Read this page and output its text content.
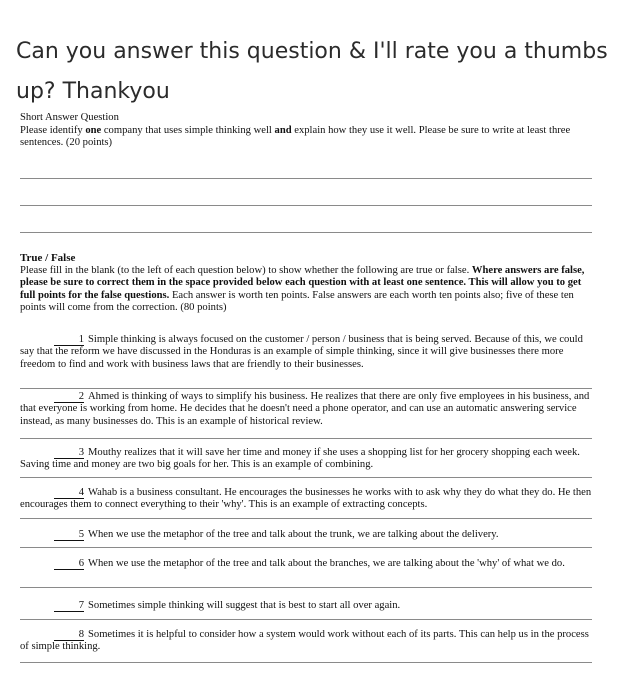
Can you answer this question & I'll rate you a thumbs up? Thankyou
Short Answer Question
Please identify one company that uses simple thinking well and explain how they use it well. Please be sure to write at least three sentences. (20 points)
True / False
Please fill in the blank (to the left of each question below) to show whether the following are true or false. Where answers are false, please be sure to correct them in the space provided below each question with at least one sentence. This will allow you to get full points for the false questions. Each answer is worth ten points. False answers are each worth ten points also; five of these ten points will come from the correction. (80 points)
1 Simple thinking is always focused on the customer / person / business that is being served. Because of this, we could say that the reform we have discussed in the Honduras is an example of simple thinking, since it will give businesses there more freedom to find and work with business laws that are friendly to their businesses.
2 Ahmed is thinking of ways to simplify his business. He realizes that there are only five employees in his business, and that everyone is working from home. He decides that he doesn't need a phone operator, and can use an automatic answering service instead, as many businesses do. This is an example of historical review.
3 Mouthy realizes that it will save her time and money if she uses a shopping list for her grocery shopping each week. Saving time and money are two big goals for her. This is an example of combining.
4 Wahab is a business consultant. He encourages the businesses he works with to ask why they do what they do. He then encourages them to connect everything to their 'why'. This is an example of extracting concepts.
5 When we use the metaphor of the tree and talk about the trunk, we are talking about the delivery.
6 When we use the metaphor of the tree and talk about the branches, we are talking about the 'why' of what we do.
7 Sometimes simple thinking will suggest that is best to start all over again.
8 Sometimes it is helpful to consider how a system would work without each of its parts. This can help us in the process of simple thinking.
